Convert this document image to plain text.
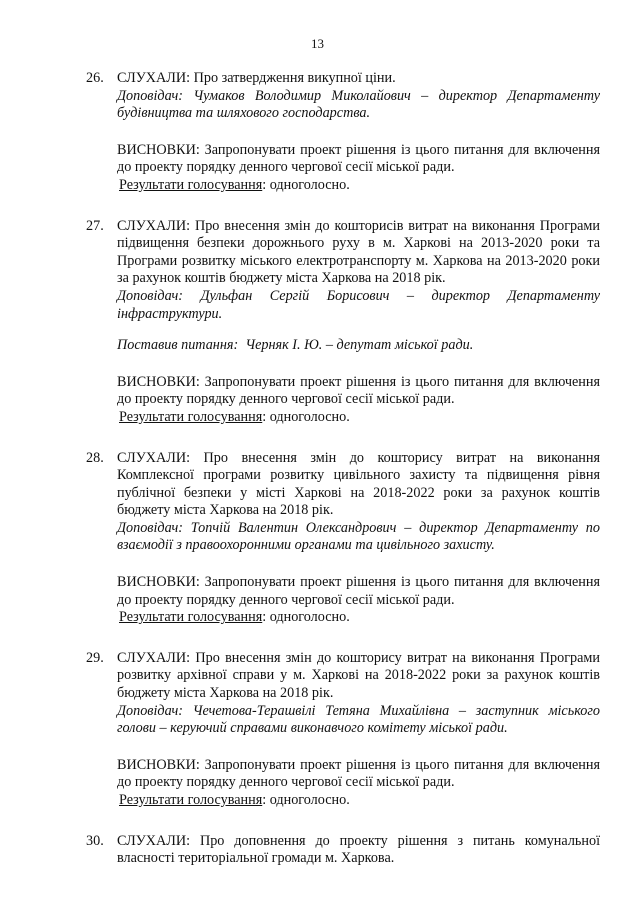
13
26. СЛУХАЛИ: Про затвердження викупної ціни.

Доповідач: Чумаков Володимир Миколайович – директор Департаменту будівництва та шляхового господарства.

ВИСНОВКИ: Запропонувати проект рішення із цього питання для включення до проекту порядку денного чергової сесії міської ради.

Результати голосування: одноголосно.

27. СЛУХАЛИ: Про внесення змін до кошторисів витрат на виконання Програми підвищення безпеки дорожнього руху в м. Харкові на 2013-2020 роки та Програми розвитку міського електротранспорту м. Харкова на 2013-2020 роки за рахунок коштів бюджету міста Харкова на 2018 рік.

Доповідач: Дульфан Сергій Борисович – директор Департаменту інфраструктури.

Поставив питання: Черняк І. Ю. – депутат міської ради.

ВИСНОВКИ: Запропонувати проект рішення із цього питання для включення до проекту порядку денного чергової сесії міської ради.

Результати голосування: одноголосно.

28. СЛУХАЛИ: Про внесення змін до кошторису витрат на виконання Комплексної програми розвитку цивільного захисту та підвищення рівня публічної безпеки у місті Харкові на 2018-2022 роки за рахунок коштів бюджету міста Харкова на 2018 рік.

Доповідач: Топчій Валентин Олександрович – директор Департаменту по взаємодії з правоохоронними органами та цивільного захисту.

ВИСНОВКИ: Запропонувати проект рішення із цього питання для включення до проекту порядку денного чергової сесії міської ради.

Результати голосування: одноголосно.

29. СЛУХАЛИ: Про внесення змін до кошторису витрат на виконання Програми розвитку архівної справи у м. Харкові на 2018-2022 роки за рахунок коштів бюджету міста Харкова на 2018 рік.

Доповідач: Чечетова-Терашвілі Тетяна Михайлівна – заступник міського голови – керуючий справами виконавчого комітету міської ради.

ВИСНОВКИ: Запропонувати проект рішення із цього питання для включення до проекту порядку денного чергової сесії міської ради.

Результати голосування: одноголосно.

30. СЛУХАЛИ: Про доповнення до проекту рішення з питань комунальної власності територіальної громади м. Харкова.
